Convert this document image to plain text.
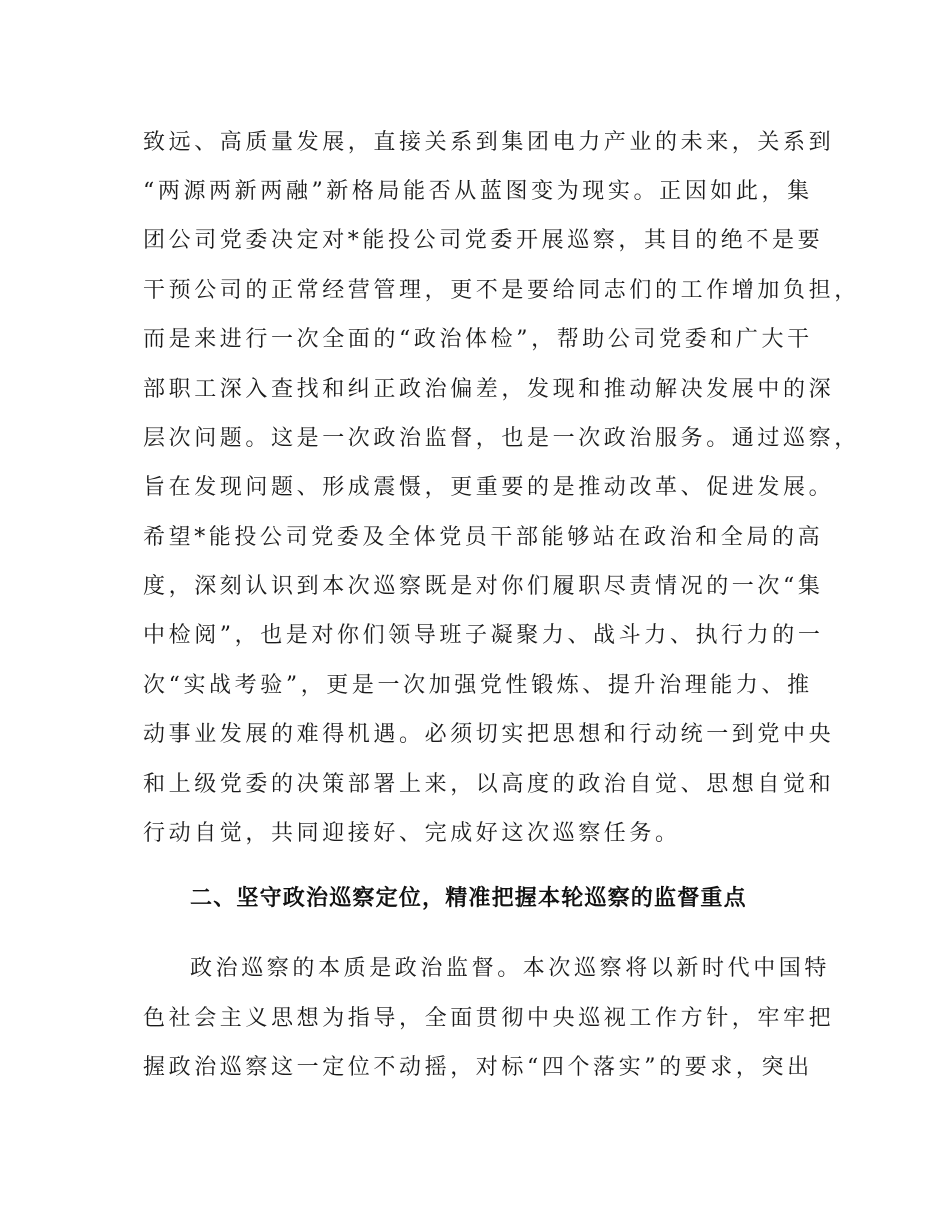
致远、高质量发展，直接关系到集团电力产业的未来，关系到
“两源两新两融”新格局能否从蓝图变为现实。正因如此，集
团公司党委决定对*能投公司党委开展巡察，其目的绝不是要
干预公司的正常经营管理，更不是要给同志们的工作增加负担，
而是来进行一次全面的“政治体检”，帮助公司党委和广大干
部职工深入查找和纠正政治偏差，发现和推动解决发展中的深
层次问题。这是一次政治监督，也是一次政治服务。通过巡察，
旨在发现问题、形成震慑，更重要的是推动改革、促进发展。
希望*能投公司党委及全体党员干部能够站在政治和全局的高
度，深刻认识到本次巡察既是对你们履职尽责情况的一次“集
中检阅”，也是对你们领导班子凝聚力、战斗力、执行力的一
次“实战考验”，更是一次加强党性锻炼、提升治理能力、推
动事业发展的难得机遇。必须切实把思想和行动统一到党中央
和上级党委的决策部署上来，以高度的政治自觉、思想自觉和
行动自觉，共同迎接好、完成好这次巡察任务。
二、坚守政治巡察定位，精准把握本轮巡察的监督重点
政治巡察的本质是政治监督。本次巡察将以新时代中国特
色社会主义思想为指导，全面贯彻中央巡视工作方针，牢牢把
握政治巡察这一定位不动摇，对标“四个落实”的要求，突出
